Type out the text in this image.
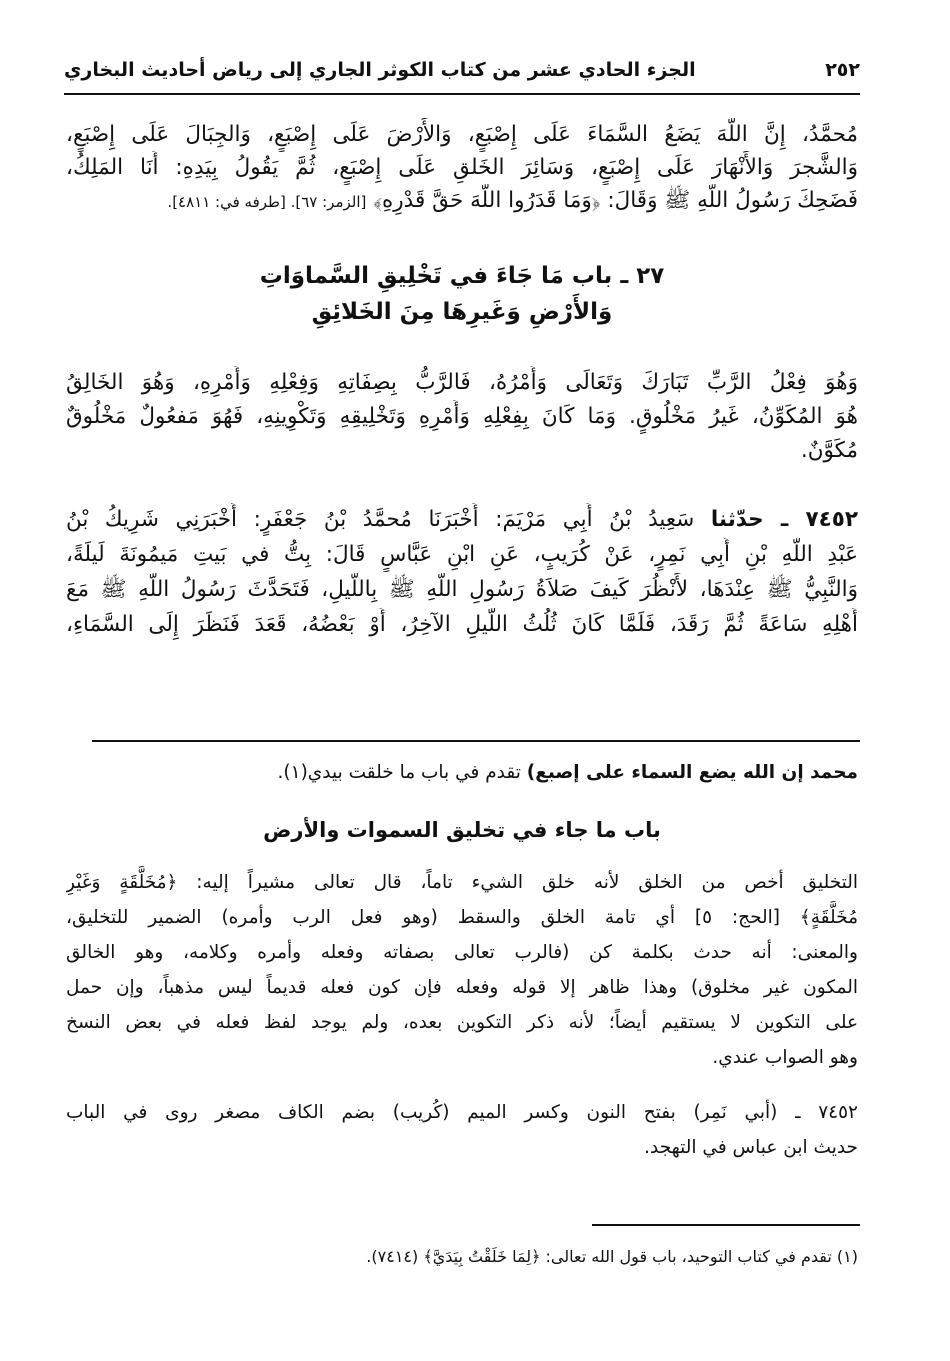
٢٥٢
الجزء الحادي عشر من كتاب الكوثر الجاري إلى رياض أحاديث البخاري
مُحمَّدُ، إِنَّ اللَّهَ يَضَعُ السَّمَاءَ عَلَى إِصْبَعٍ، وَالأَرْضَ عَلَى إِصْبَعٍ، وَالجِبَالَ عَلَى إِصْبَعٍ،
وَالشَّجرَ وَالأَنْهَارَ عَلَى إِصْبَعٍ، وَسَائِرَ الخَلقِ عَلَى إِصْبَعٍ، ثُمَّ يَقُولُ بِيَدِهِ: أَنَا المَلِكُ،
فَضَحِكَ رَسُولُ اللَّهِ ﷺ وَقَالَ: ﴿وَمَا قَدَرُوا اللَّهَ حَقَّ قَدْرِهِ﴾ [الزمر: ٦٧]. [طرفه في: ٤٨١١].
٢٧ ـ باب مَا جَاءَ في تَخْلِيقِ السَّماوَاتِ
وَالأَرْضِ وَغَيرِهَا مِنَ الخَلائِقِ
وَهُوَ فِعْلُ الرَّبِّ تَبَارَكَ وَتَعَالَى وَأَمْرُهُ، فَالرَّبُّ بِصِفَاتِهِ وَفِعْلِهِ وَأَمْرِهِ، وَهُوَ الخَالِقُ
هُوَ المُكَوِّنُ، غَيرُ مَخْلُوقٍ. وَمَا كَانَ بِفِعْلِهِ وَأَمْرِهِ وَتَخْلِيقِهِ وَتَكْوِينِهِ، فَهُوَ مَفعُولٌ مَخْلُوقٌ
مُكَوَّنٌ.
٧٤٥٢ ـ حدّثنا سَعِيدُ بْنُ أَبِي مَرْيَمَ: أَخْبَرَنَا مُحمَّدُ بْنُ جَعْفَرٍ: أَخْبَرَنِي شَرِيكُ بْنُ
عَبْدِ اللَّهِ بْنِ أَبِي نَمِرٍ، عَنْ كُرَيبٍ، عَنِ ابْنِ عَبَّاسٍ قَالَ: بِتُّ في بَيتِ مَيمُونَةَ لَيلَةً،
وَالنَّبِيُّ ﷺ عِنْدَهَا، لأَنْظُرَ كَيفَ صَلاَةُ رَسُولِ اللَّهِ ﷺ بِاللَّيلِ، فَتَحَدَّثَ رَسُولُ اللَّهِ ﷺ مَعَ
أَهْلِهِ سَاعَةً ثُمَّ رَقَدَ، فَلَمَّا كَانَ ثُلُثُ اللَّيلِ الآخِرُ، أَوْ بَعْضُهُ، قَعَدَ فَنَظَرَ إِلَى السَّمَاءِ،
محمد إن الله يضع السماء على إصبع) تقدم في باب ما خلقت بيدي(١).
باب ما جاء في تخليق السموات والأرض
التخليق أخص من الخلق لأنه خلق الشيء تاماً، قال تعالى مشيراً إليه: ﴿مُخَلَّقَةٍ وَغَيْرِ
مُخَلَّقَةٍ﴾ [الحج: ٥] أي تامة الخلق والسقط (وهو فعل الرب وأمره) الضمير للتخليق،
والمعنى: أنه حدث بكلمة كن (فالرب تعالى بصفاته وفعله وأمره وكلامه، وهو الخالق
المكون غير مخلوق) وهذا ظاهر إلا قوله وفعله فإن كون فعله قديماً ليس مذهباً، وإن حمل
على التكوين لا يستقيم أيضاً؛ لأنه ذكر التكوين بعده، ولم يوجد لفظ فعله في بعض النسخ
وهو الصواب عندي.
٧٤٥٢ ـ (أبي نَمِر) بفتح النون وكسر الميم (كُريب) بضم الكاف مصغر روى في الباب
حديث ابن عباس في التهجد.
(١) تقدم في كتاب التوحيد، باب قول الله تعالى: ﴿لِمَا خَلَقْتُ بِيَدَيَّ﴾ (٧٤١٤).
